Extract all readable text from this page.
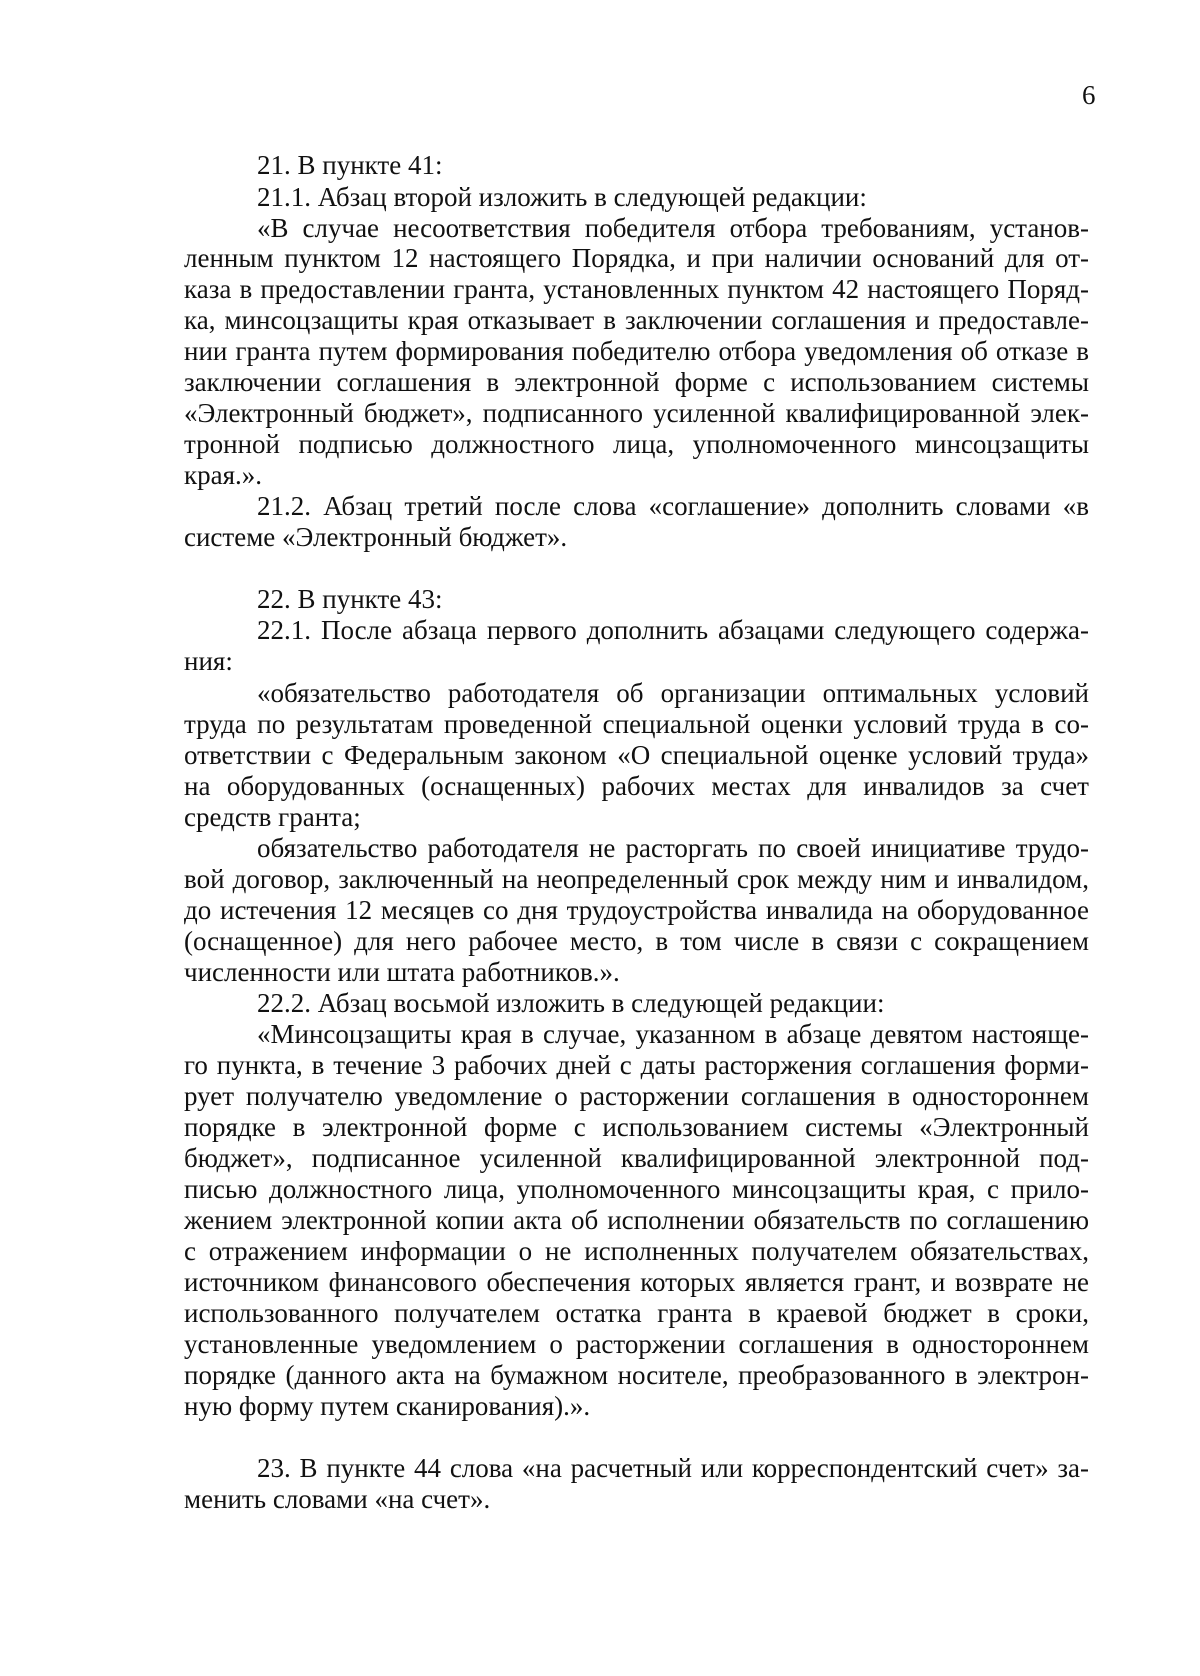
6

21. В пункте 41:

21.1. Абзац второй изложить в следующей редакции:

«В случае несоответствия победителя отбора требованиям, установ-

ленным пунктом 12 настоящего Порядка, и при наличии оснований для от-

каза в предоставлении гранта, установленных пунктом 42 настоящего Поряд-

ка, минсоцзащиты края отказывает в заключении соглашения и предоставле-

нии гранта путем формирования победителю отбора уведомления об отказе в

заключении соглашения в электронной форме с использованием системы

«Электронный бюджет», подписанного усиленной квалифицированной элек-

тронной подписью должностного лица, уполномоченного минсоцзащиты

края.».

21.2. Абзац третий после слова «соглашение» дополнить словами «в

системе «Электронный бюджет».

22. В пункте 43:

22.1. После абзаца первого дополнить абзацами следующего содержа-

ния:

«обязательство работодателя об организации оптимальных условий

труда по результатам проведенной специальной оценки условий труда в со-

ответствии с Федеральным законом «О специальной оценке условий труда»

на оборудованных (оснащенных) рабочих местах для инвалидов за счет

средств гранта;

обязательство работодателя не расторгать по своей инициативе трудо-

вой договор, заключенный на неопределенный срок между ним и инвалидом,

до истечения 12 месяцев со дня трудоустройства инвалида на оборудованное

(оснащенное) для него рабочее место, в том числе в связи с сокращением

численности или штата работников.».

22.2. Абзац восьмой изложить в следующей редакции:

«Минсоцзащиты края в случае, указанном в абзаце девятом настояще-

го пункта, в течение 3 рабочих дней с даты расторжения соглашения форми-

рует получателю уведомление о расторжении соглашения в одностороннем

порядке в электронной форме с использованием системы «Электронный

бюджет», подписанное усиленной квалифицированной электронной под-

писью должностного лица, уполномоченного минсоцзащиты края, с прило-

жением электронной копии акта об исполнении обязательств по соглашению

с отражением информации о не исполненных получателем обязательствах,

источником финансового обеспечения которых является грант, и возврате не

использованного получателем остатка гранта в краевой бюджет в сроки,

установленные уведомлением о расторжении соглашения в одностороннем

порядке (данного акта на бумажном носителе, преобразованного в электрон-

ную форму путем сканирования).».

23. В пункте 44 слова «на расчетный или корреспондентский счет» за-

менить словами «на счет».
